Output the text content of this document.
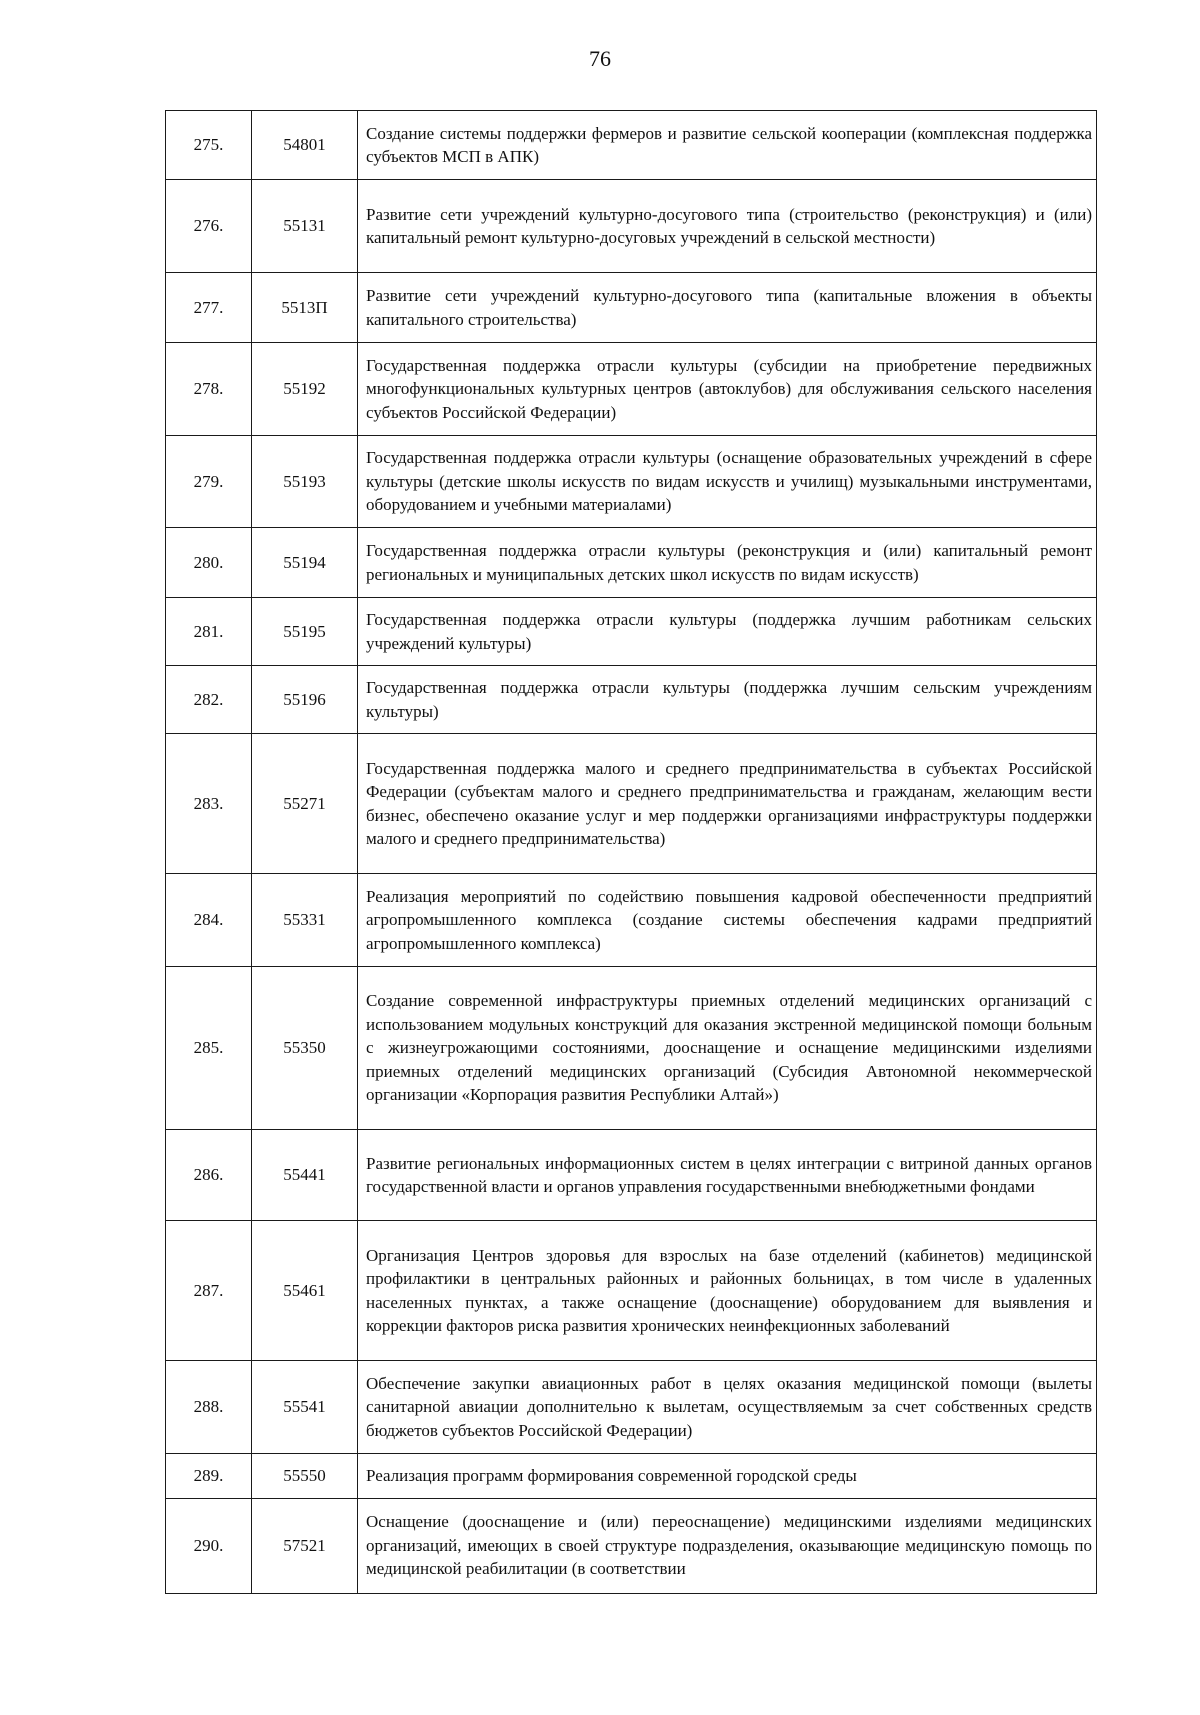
76
275.	54801	Создание системы поддержки фермеров и развитие сельской кооперации (комплексная поддержка субъектов МСП в АПК)
276.	55131	Развитие сети учреждений культурно-досугового типа (строительство (реконструкция) и (или) капитальный ремонт культурно-досуговых учреждений в сельской местности)
277.	5513П	Развитие сети учреждений культурно-досугового типа (капитальные вложения в объекты капитального строительства)
278.	55192	Государственная поддержка отрасли культуры (субсидии на приобретение передвижных многофункциональных культурных центров (автоклубов) для обслуживания сельского населения субъектов Российской Федерации)
279.	55193	Государственная поддержка отрасли культуры (оснащение образовательных учреждений в сфере культуры (детские школы искусств по видам искусств и училищ) музыкальными инструментами, оборудованием и учебными материалами)
280.	55194	Государственная поддержка отрасли культуры (реконструкция и (или) капитальный ремонт региональных и муниципальных детских школ искусств по видам искусств)
281.	55195	Государственная поддержка отрасли культуры (поддержка лучшим работникам сельских учреждений культуры)
282.	55196	Государственная поддержка отрасли культуры (поддержка лучшим сельским учреждениям культуры)
283.	55271	Государственная поддержка малого и среднего предпринимательства в субъектах Российской Федерации (субъектам малого и среднего предпринимательства и гражданам, желающим вести бизнес, обеспечено оказание услуг и мер поддержки организациями инфраструктуры поддержки малого и среднего предпринимательства)
284.	55331	Реализация мероприятий по содействию повышения кадровой обеспеченности предприятий агропромышленного комплекса (создание системы обеспечения кадрами предприятий агропромышленного комплекса)
285.	55350	Создание современной инфраструктуры приемных отделений медицинских организаций с использованием модульных конструкций для оказания экстренной медицинской помощи больным с жизнеугрожающими состояниями, дооснащение и оснащение медицинскими изделиями приемных отделений медицинских организаций (Субсидия Автономной некоммерческой организации «Корпорация развития Республики Алтай»)
286.	55441	Развитие региональных информационных систем в целях интеграции с витриной данных органов государственной власти и органов управления государственными внебюджетными фондами
287.	55461	Организация Центров здоровья для взрослых на базе отделений (кабинетов) медицинской профилактики в центральных районных и районных больницах, в том числе в удаленных населенных пунктах, а также оснащение (дооснащение) оборудованием для выявления и коррекции факторов риска развития хронических неинфекционных заболеваний
288.	55541	Обеспечение закупки авиационных работ в целях оказания медицинской помощи (вылеты санитарной авиации дополнительно к вылетам, осуществляемым за счет собственных средств бюджетов субъектов Российской Федерации)
289.	55550	Реализация программ формирования современной городской среды
290.	57521	Оснащение (дооснащение и (или) переоснащение) медицинскими изделиями медицинских организаций, имеющих в своей структуре подразделения, оказывающие медицинскую помощь по медицинской реабилитации (в соответствии
